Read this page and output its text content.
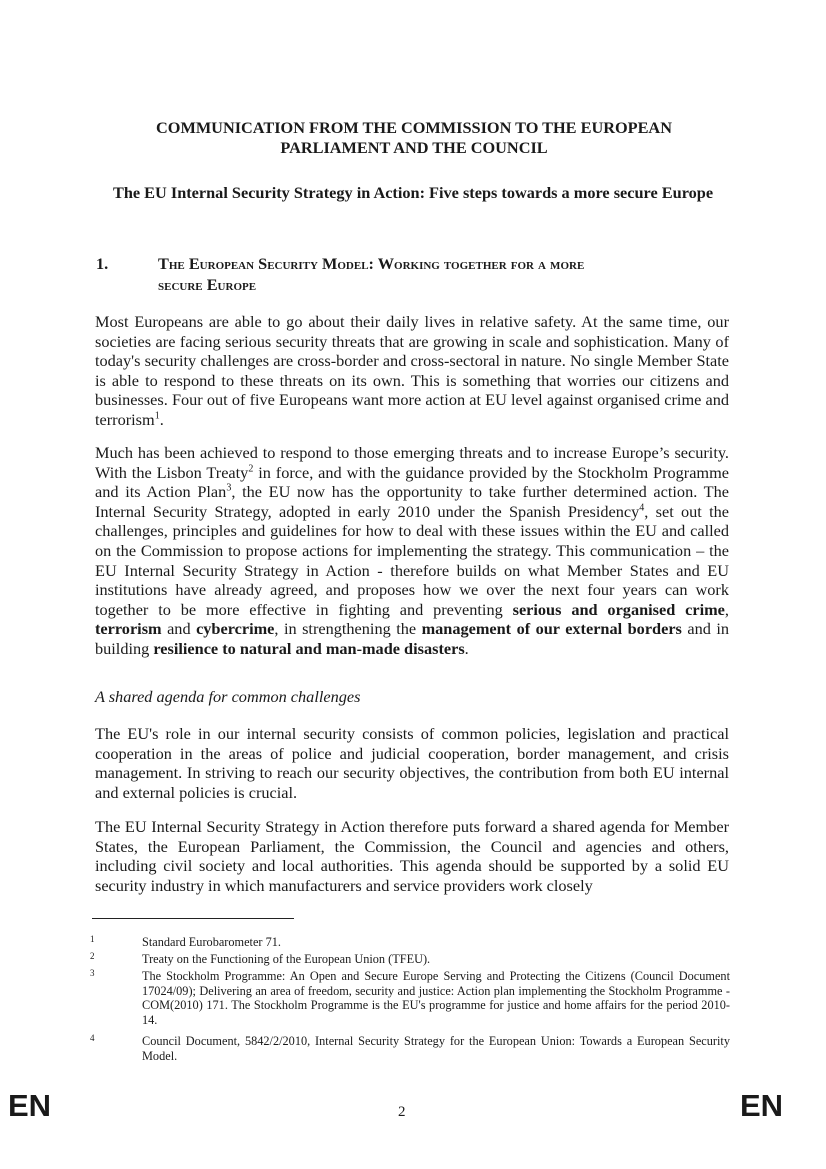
COMMUNICATION FROM THE COMMISSION TO THE EUROPEAN
PARLIAMENT AND THE COUNCIL
The EU Internal Security Strategy in Action: Five steps towards a more secure Europe
1.	The European Security Model: Working together for a more
secure Europe

Most Europeans are able to go about their daily lives in relative safety. At the same time, our societies are facing serious security threats that are growing in scale and sophistication. Many of today's security challenges are cross-border and cross-sectoral in nature. No single Member State is able to respond to these threats on its own. This is something that worries our citizens and businesses. Four out of five Europeans want more action at EU level against organised crime and terrorism$^1$.

Much has been achieved to respond to those emerging threats and to increase Europe’s security. With the Lisbon Treaty$^2$ in force, and with the guidance provided by the Stockholm Programme and its Action Plan$^3$, the EU now has the opportunity to take further determined action. The Internal Security Strategy, adopted in early 2010 under the Spanish Presidency$^4$, set out the challenges, principles and guidelines for how to deal with these issues within the EU and called on the Commission to propose actions for implementing the strategy. This communication – the EU Internal Security Strategy in Action - therefore builds on what Member States and EU institutions have already agreed, and proposes how we over the next four years can work together to be more effective in fighting and preventing serious and organised crime, terrorism and cybercrime, in strengthening the management of our external borders and in building resilience to natural and man-made disasters.

A shared agenda for common challenges

The EU's role in our internal security consists of common policies, legislation and practical cooperation in the areas of police and judicial cooperation, border management, and crisis management. In striving to reach our security objectives, the contribution from both EU internal and external policies is crucial.

The EU Internal Security Strategy in Action therefore puts forward a shared agenda for Member States, the European Parliament, the Commission, the Council and agencies and others, including civil society and local authorities. This agenda should be supported by a solid EU security industry in which manufacturers and service providers work closely

1	Standard Eurobarometer 71.
2	Treaty on the Functioning of the European Union (TFEU).
3	The Stockholm Programme: An Open and Secure Europe Serving and Protecting the Citizens (Council Document 17024/09); Delivering an area of freedom, security and justice: Action plan implementing the Stockholm Programme - COM(2010) 171. The Stockholm Programme is the EU's programme for justice and home affairs for the period 2010-14.
4	Council Document, 5842/2/2010, Internal Security Strategy for the European Union: Towards a European Security Model.
EN	2	EN
